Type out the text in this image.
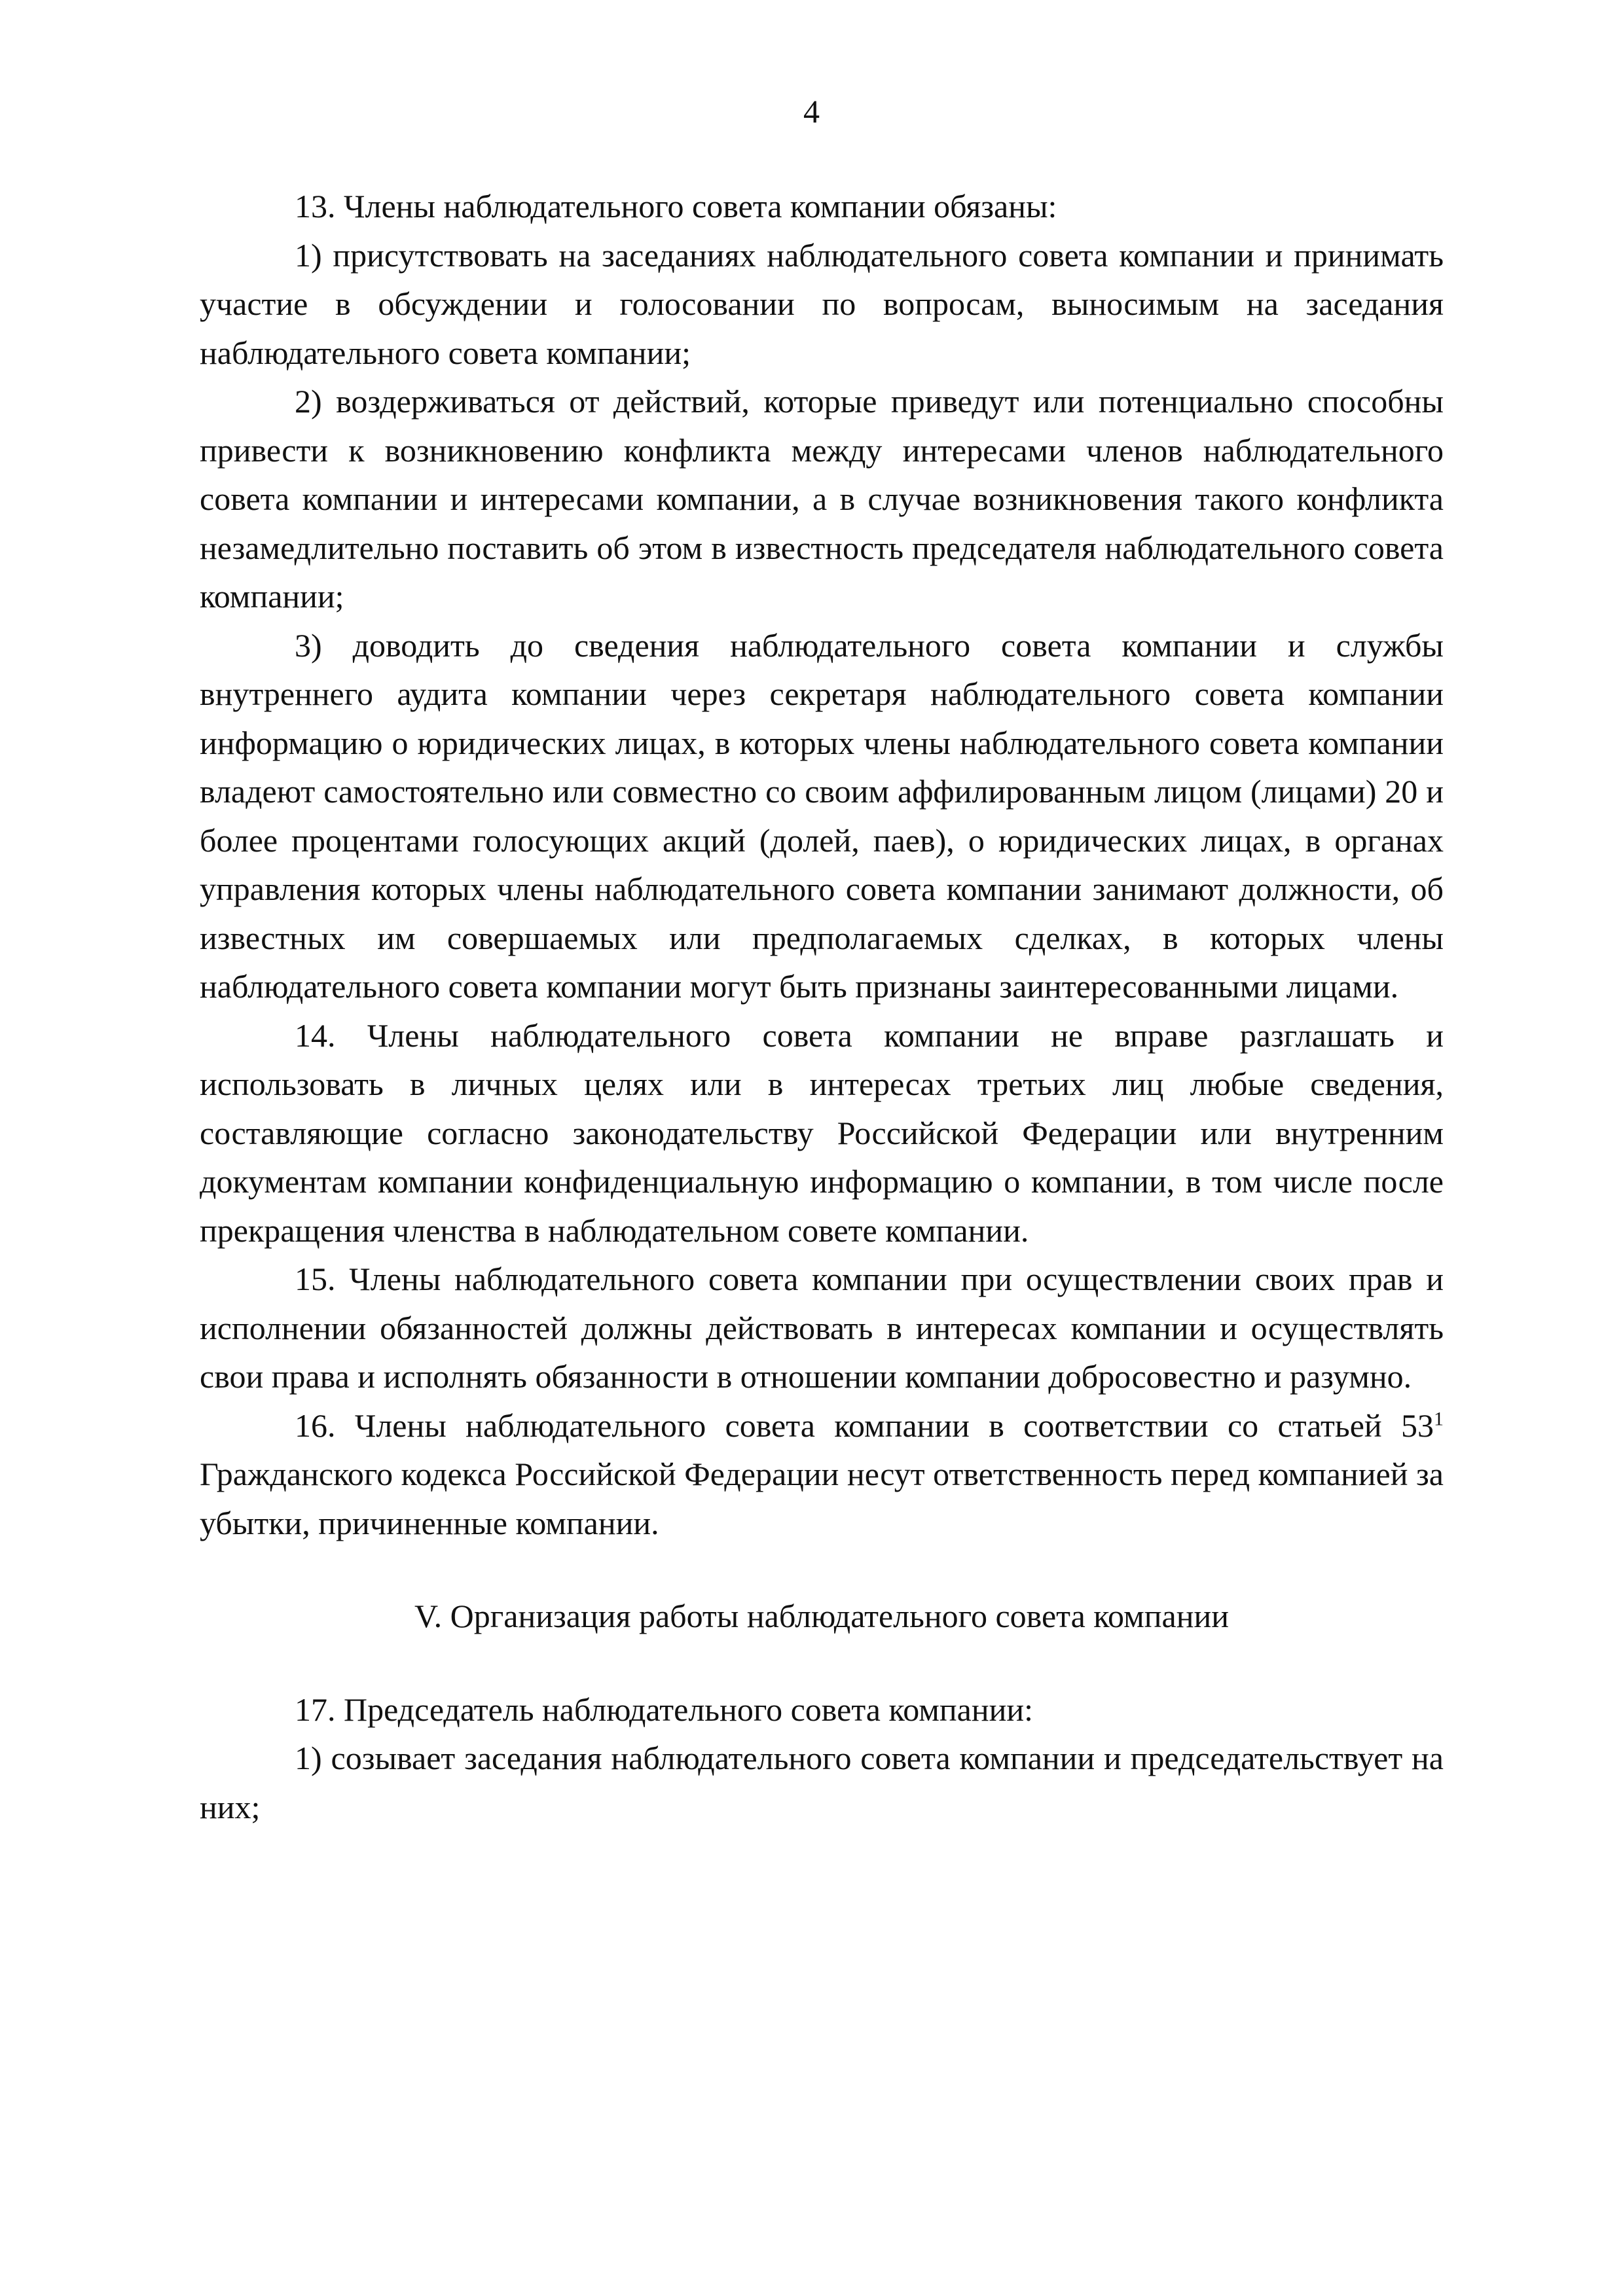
4

13. Члены наблюдательного совета компании обязаны:

1) присутствовать на заседаниях наблюдательного совета компании и принимать участие в обсуждении и голосовании по вопросам, выносимым на заседания наблюдательного совета компании;

2) воздерживаться от действий, которые приведут или потенциально способны привести к возникновению конфликта между интересами членов наблюдательного совета компании и интересами компании, а в случае возникновения такого конфликта незамедлительно поставить об этом в известность председателя наблюдательного совета компании;

3) доводить до сведения наблюдательного совета компании и службы внутреннего аудита компании через секретаря наблюдательного совета компании информацию о юридических лицах, в которых члены наблюдательного совета компании владеют самостоятельно или совместно со своим аффилированным лицом (лицами) 20 и более процентами голосующих акций (долей, паев), о юридических лицах, в органах управления которых члены наблюдательного совета компании занимают должности, об известных им совершаемых или предполагаемых сделках, в которых члены наблюдательного совета компании могут быть признаны заинтересованными лицами.

14. Члены наблюдательного совета компании не вправе разглашать и использовать в личных целях или в интересах третьих лиц любые сведения, составляющие согласно законодательству Российской Федерации или внутренним документам компании конфиденциальную информацию о компании, в том числе после прекращения членства в наблюдательном совете компании.

15. Члены наблюдательного совета компании при осуществлении своих прав и исполнении обязанностей должны действовать в интересах компании и осуществлять свои права и исполнять обязанности в отношении компании добросовестно и разумно.

16. Члены наблюдательного совета компании в соответствии со статьей $53^1$ Гражданского кодекса Российской Федерации несут ответственность перед компанией за убытки, причиненные компании.

V. Организация работы наблюдательного совета компании

17. Председатель наблюдательного совета компании:

1) созывает заседания наблюдательного совета компании и председательствует на них;
